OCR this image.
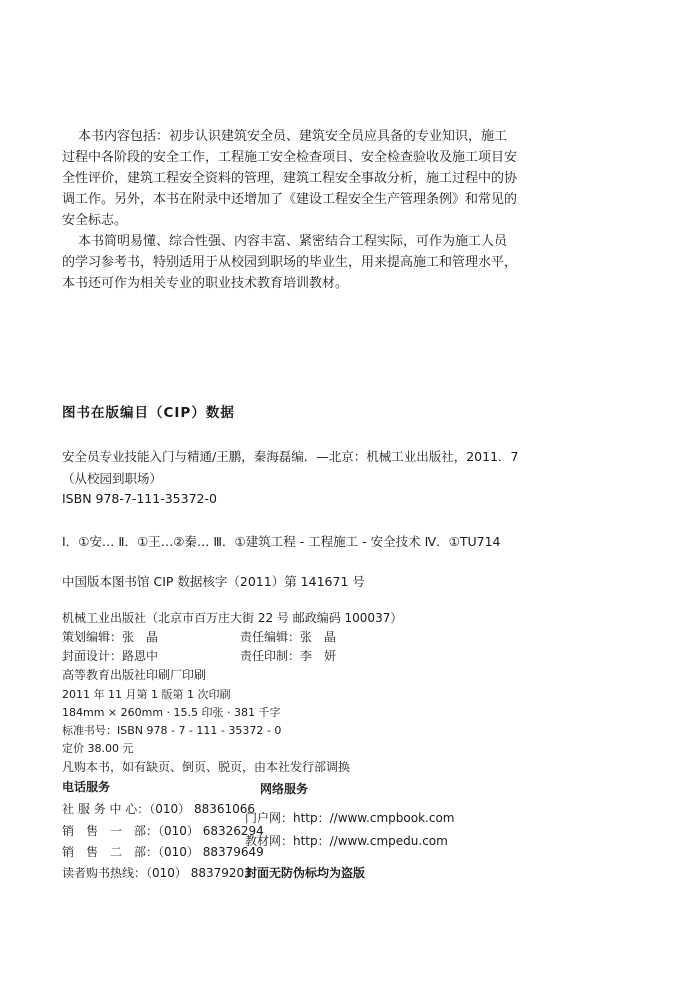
本书内容包括：初步认识建筑安全员、建筑安全员应具备的专业知识，施工

过程中各阶段的安全工作，工程施工安全检查项目、安全检查验收及施工项目安

全性评价，建筑工程安全资料的管理，建筑工程安全事故分析，施工过程中的协

调工作。另外，本书在附录中还增加了《建设工程安全生产管理条例》和常见的

安全标志。

本书简明易懂、综合性强、内容丰富、紧密结合工程实际，可作为施工人员

的学习参考书，特别适用于从校园到职场的毕业生，用来提高施工和管理水平，

本书还可作为相关专业的职业技术教育培训教材。

图书在版编目（CIP）数据
安全员专业技能入门与精通/王鹏，秦海磊编．—北京：机械工业出版社，2011．7
（从校园到职场）
ISBN 978-7-111-35372-0
Ⅰ．①安… Ⅱ．①王…②秦… Ⅲ．①建筑工程 - 工程施工 - 安全技术 Ⅳ．①TU714
中国版本图书馆 CIP 数据核字（2011）第 141671 号
机械工业出版社（北京市百万庄大街 22 号 邮政编码 100037）
策划编辑：张　晶	责任编辑：张　晶
封面设计：路恩中	责任印制：李　妍
高等教育出版社印刷厂印刷
2011 年 11 月第 1 版第 1 次印刷
184mm × 260mm · 15.5 印张 · 381 千字
标准书号：ISBN 978 - 7 - 111 - 35372 - 0
定价 38.00 元
凡购本书，如有缺页、倒页、脱页，由本社发行部调换
电话服务
社 服 务 中 心：（010） 88361066
销　售　一　部：（010） 68326294
销　售　二　部：（010） 88379649
读者购书热线：（010） 88379203
网络服务
门户网：http：//www.cmpbook.com
教材网：http：//www.cmpedu.com
封面无防伪标均为盗版
